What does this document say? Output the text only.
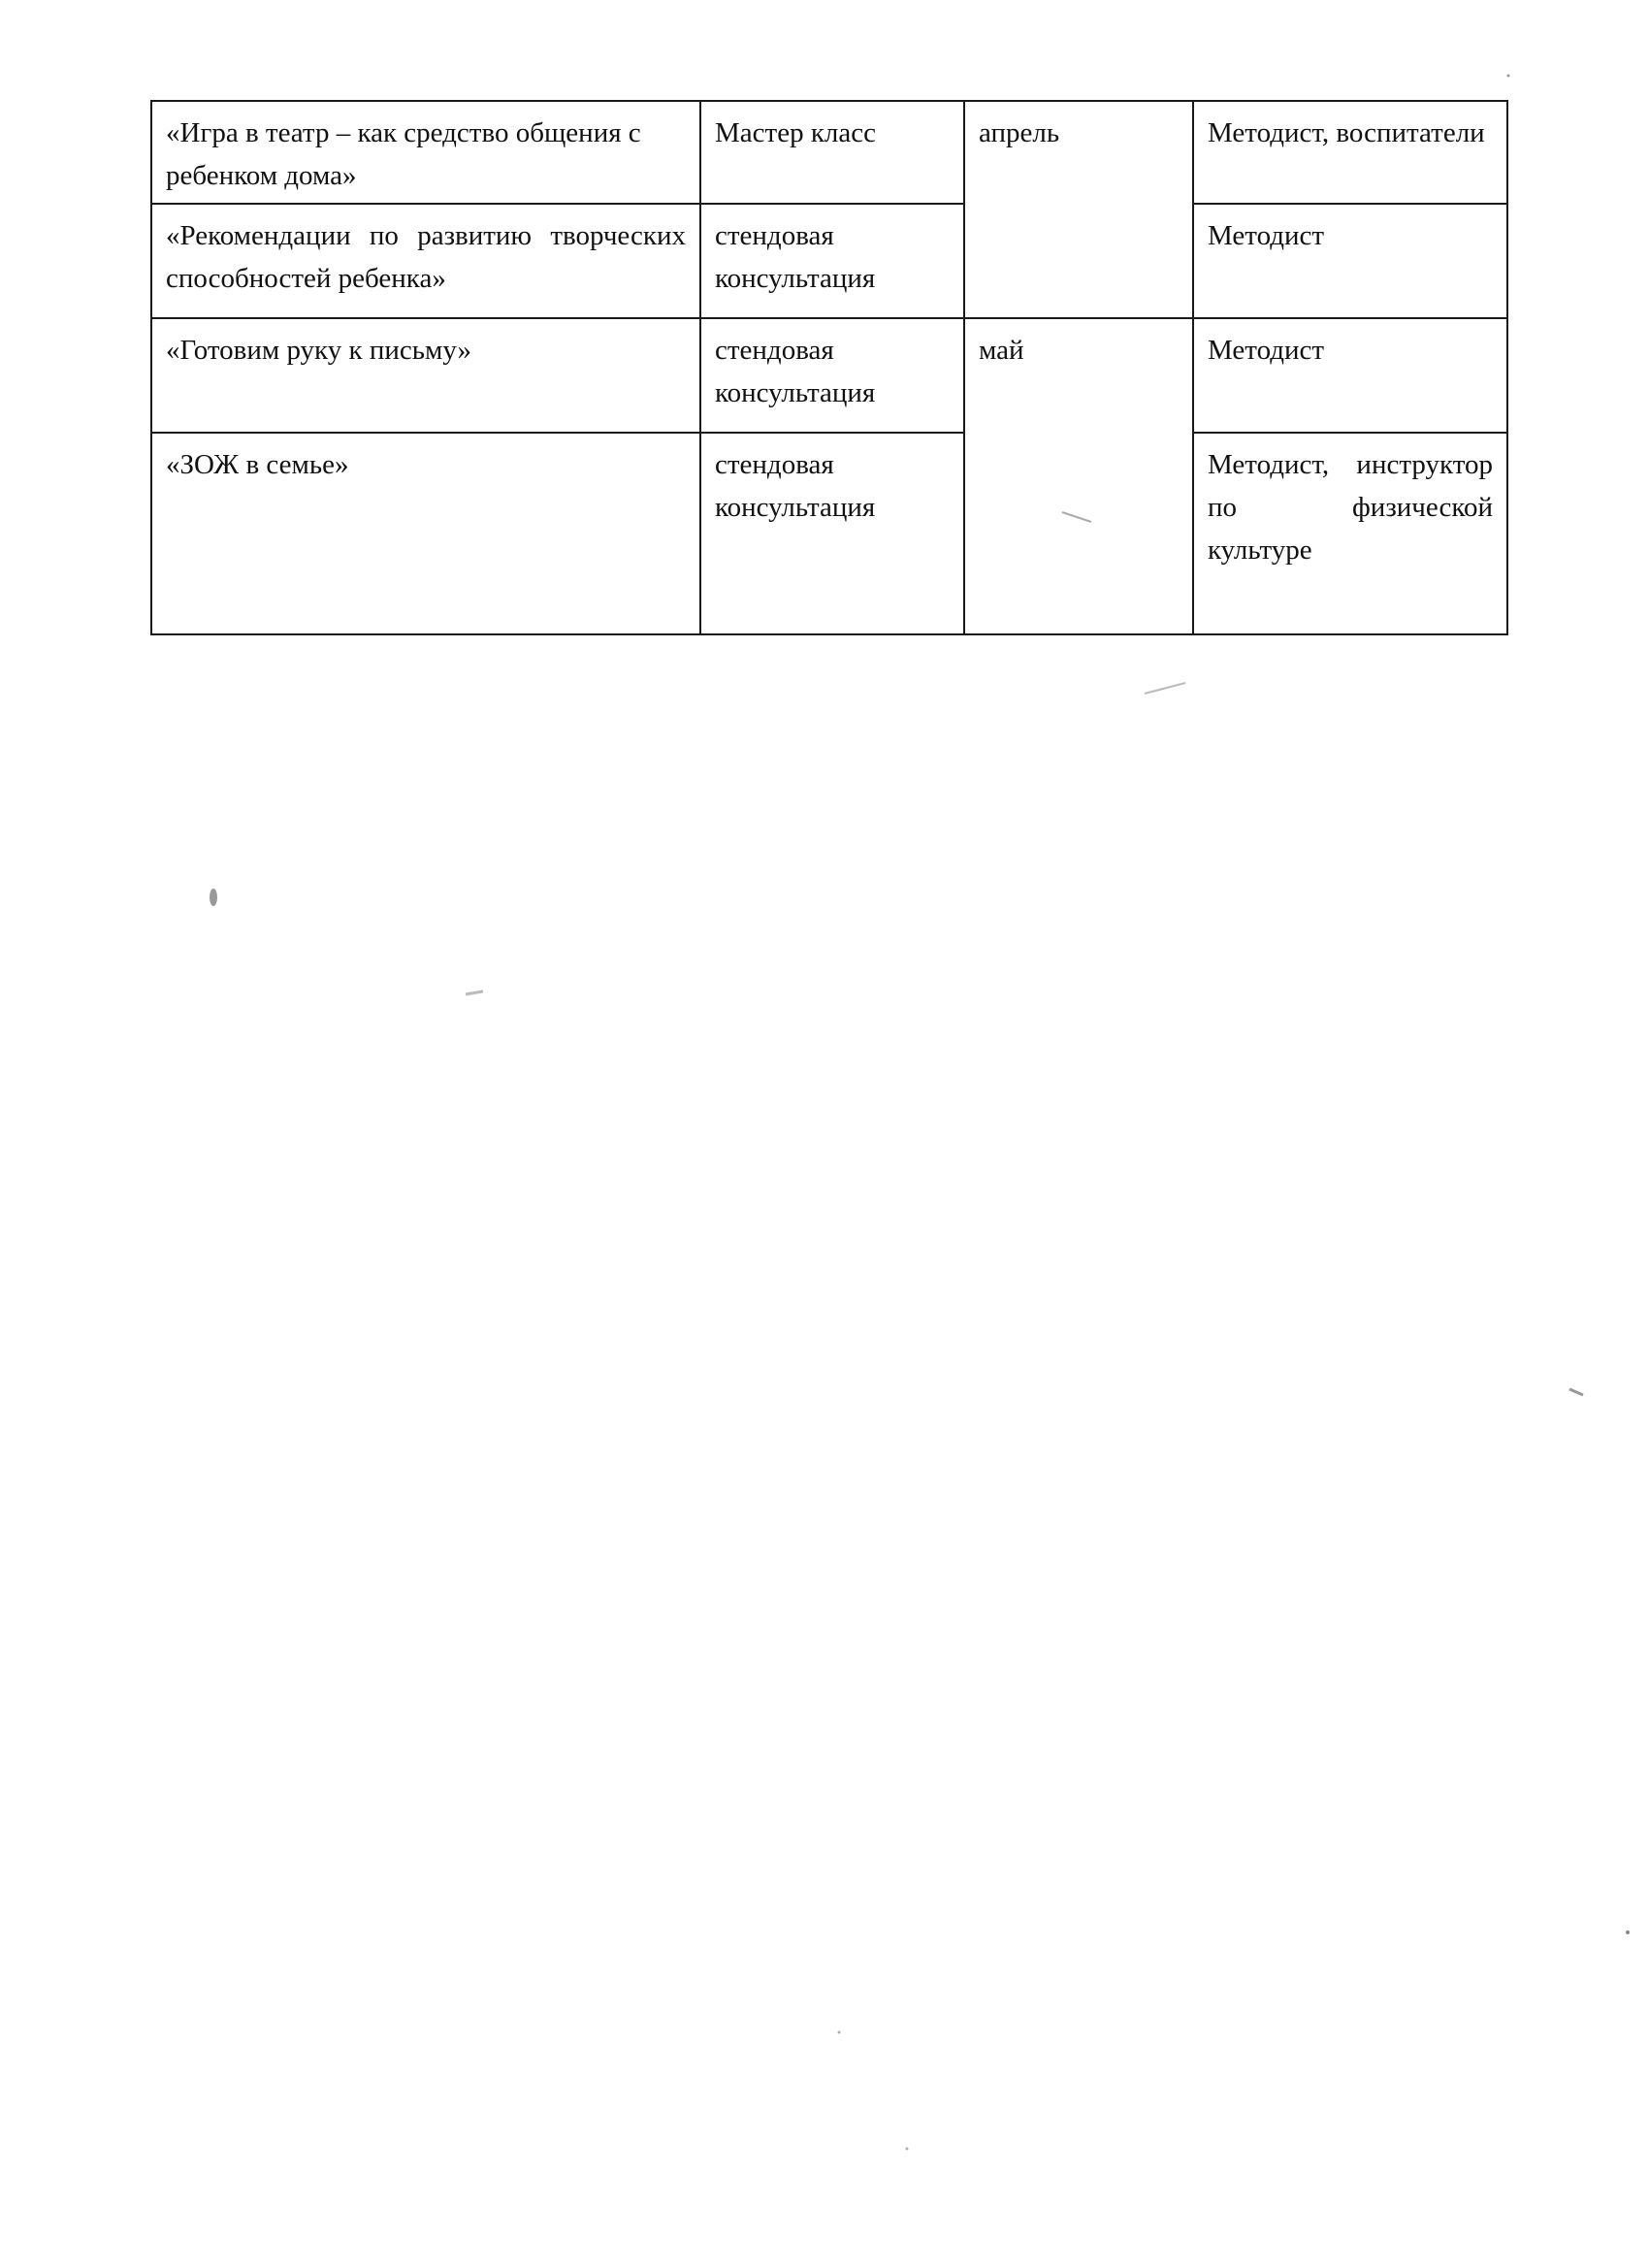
«Игра в театр – как средство общения с ребенком дома»	Мастер класс	апрель	Методист, воспитатели
«Рекомендации по развитию творческих способностей ребенка»	стендовая консультация		Методист
«Готовим руку к письму»	стендовая консультация	май	Методист
«ЗОЖ в семье»	стендовая консультация		Методист, инструктор по физической культуре
